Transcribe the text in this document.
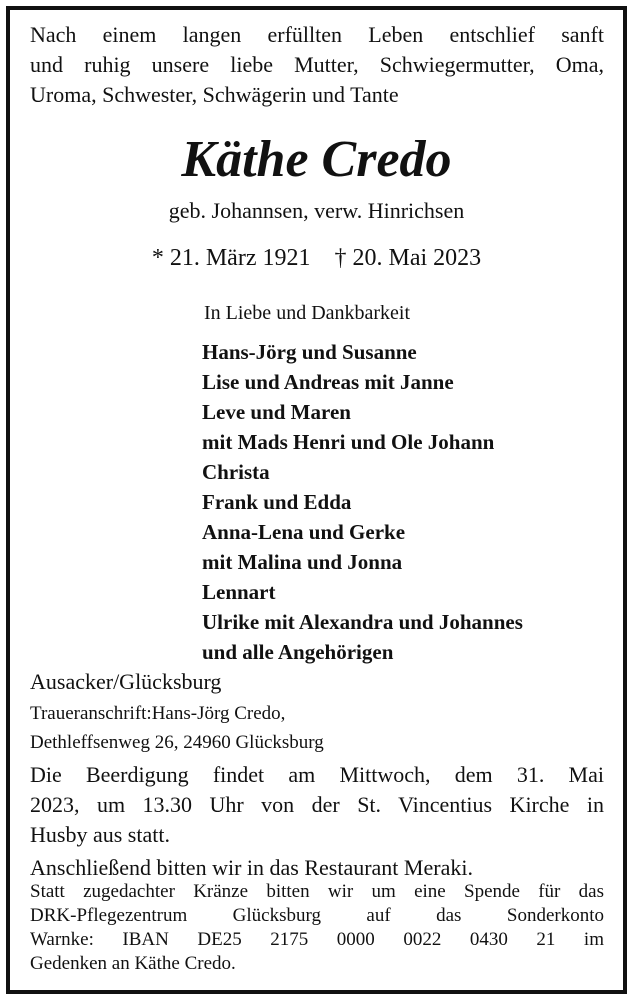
Nach einem langen erfüllten Leben entschlief sanft
und ruhig unsere liebe Mutter, Schwiegermutter, Oma,
Uroma, Schwester, Schwägerin und Tante
Käthe Credo
geb. Johannsen, verw. Hinrichsen
* 21. März 1921 † 20. Mai 2023
In Liebe und Dankbarkeit
Hans-Jörg und Susanne
Lise und Andreas mit Janne
Leve und Maren
mit Mads Henri und Ole Johann
Christa
Frank und Edda
Anna-Lena und Gerke
mit Malina und Jonna
Lennart
Ulrike mit Alexandra und Johannes
und alle Angehörigen
Ausacker/Glücksburg
Traueranschrift:Hans-Jörg Credo,
Dethleffsenweg 26, 24960 Glücksburg
Die Beerdigung findet am Mittwoch, dem 31. Mai
2023, um 13.30 Uhr von der St. Vincentius Kirche in
Husby aus statt.
Anschließend bitten wir in das Restaurant Meraki.
Statt zugedachter Kränze bitten wir um eine Spende für das
DRK-Pflegezentrum Glücksburg auf das Sonderkonto
Warnke: IBAN DE25 2175 0000 0022 0430 21 im
Gedenken an Käthe Credo.
